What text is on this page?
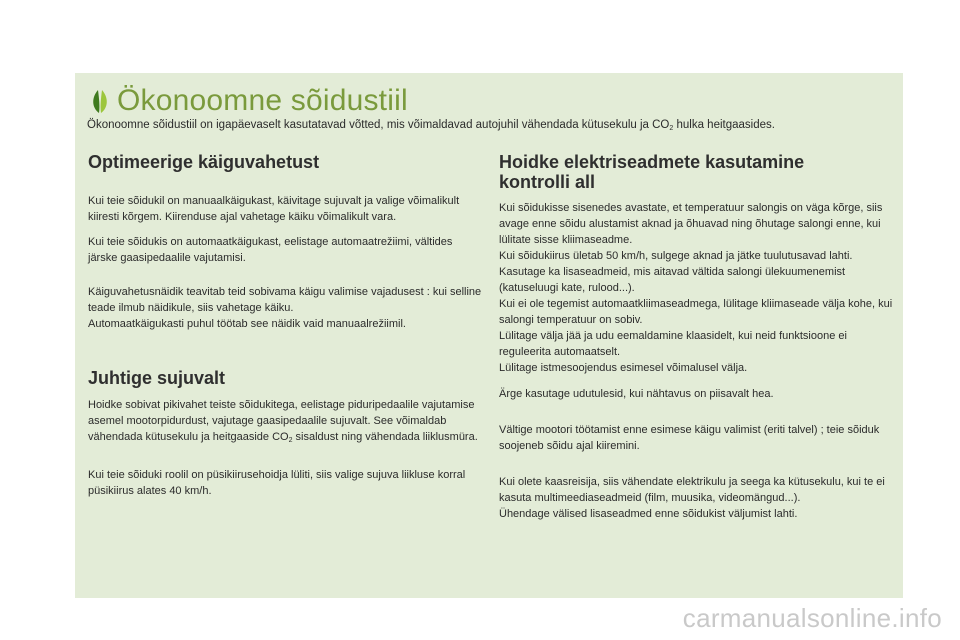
Ökonoomne sõidustiil
Ökonoomne sõidustiil on igapäevaselt kasutatavad võtted, mis võimaldavad autojuhil vähendada kütusekulu ja $CO_2$ hulka heitgaasides.
Optimeerige käiguvahetust

Kui teie sõidukil on manuaalkäigukast, käivitage sujuvalt ja valige võimalikult kiiresti kõrgem. Kiirenduse ajal vahetage käiku võimalikult vara.

Kui teie sõidukis on automaatkäigukast, eelistage automaatrežiimi, vältides järske gaasipedaalile vajutamisi.

Käiguvahetusnäidik teavitab teid sobivama käigu valimise vajadusest : kui selline teade ilmub näidikule, siis vahetage käiku.

Automaatkäigukasti puhul töötab see näidik vaid manuaalrežiimil.

Juhtige sujuvalt

Hoidke sobivat pikivahet teiste sõidukitega, eelistage piduripedaalile vajutamise asemel mootorpidurdust, vajutage gaasipedaalile sujuvalt. See võimaldab vähendada kütusekulu ja heitgaaside $CO_2$ sisaldust ning vähendada liiklusmüra.

Kui teie sõiduki roolil on püsikiirusehoidja lüliti, siis valige sujuva liikluse korral püsikiirus alates 40 km/h.

Hoidke elektriseadmete kasutamine
kontrolli all

Kui sõidukisse sisenedes avastate, et temperatuur salongis on väga kõrge, siis avage enne sõidu alustamist aknad ja õhuavad ning õhutage salongi enne, kui lülitate sisse kliimaseadme.

Kui sõidukiirus ületab 50 km/h, sulgege aknad ja jätke tuulutusavad lahti.

Kasutage ka lisaseadmeid, mis aitavad vältida salongi ülekuumenemist (katuseluugi kate, rulood...).

Kui ei ole tegemist automaatkliimaseadmega, lülitage kliimaseade välja kohe, kui salongi temperatuur on sobiv.

Lülitage välja jää ja udu eemaldamine klaasidelt, kui neid funktsioone ei reguleerita automaatselt.

Lülitage istmesoojendus esimesel võimalusel välja.

Ärge kasutage udutulesid, kui nähtavus on piisavalt hea.

Vältige mootori töötamist enne esimese käigu valimist (eriti talvel) ; teie sõiduk soojeneb sõidu ajal kiiremini.

Kui olete kaasreisija, siis vähendate elektrikulu ja seega ka kütusekulu, kui te ei kasuta multimeediaseadmeid (film, muusika, videomängud...).

Ühendage välised lisaseadmed enne sõidukist väljumist lahti.

carmanualsonline.info
